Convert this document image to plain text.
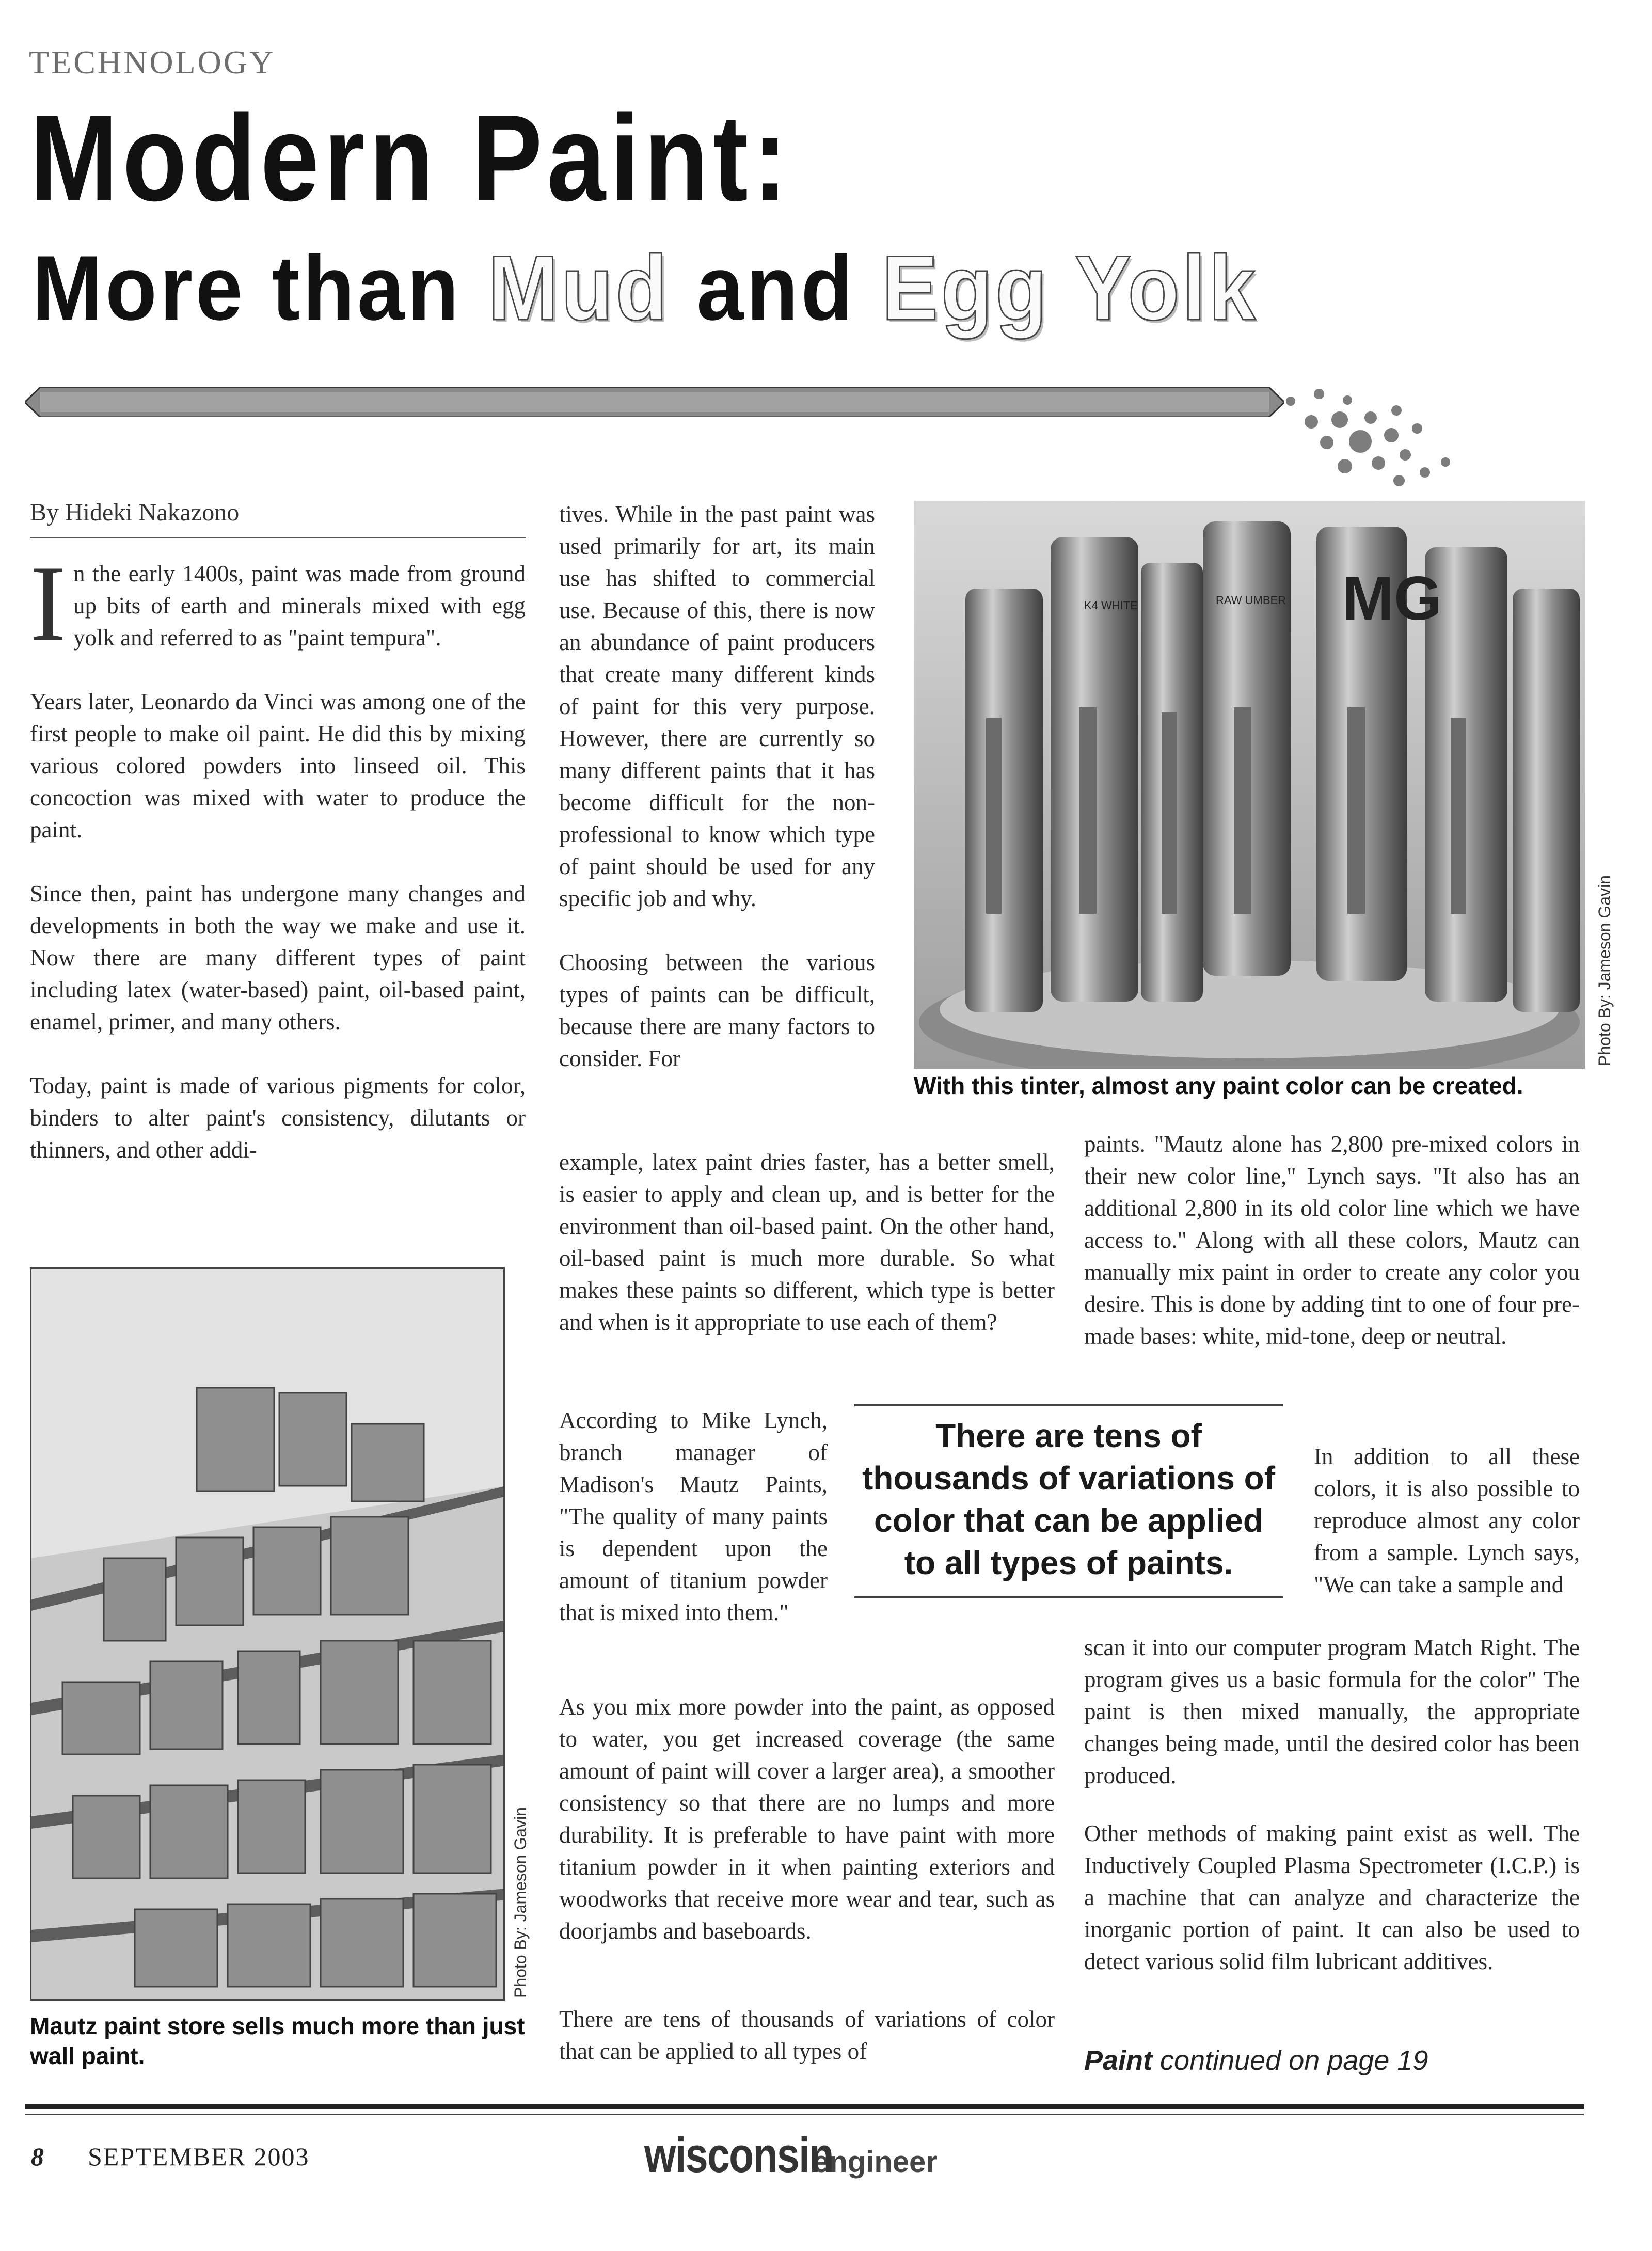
TECHNOLOGY
Modern Paint:
More than Mud and Egg Yolk
By Hideki Nakazono

In the early 1400s, paint was made from ground up bits of earth and minerals mixed with egg yolk and referred to as "paint tempura".

Years later, Leonardo da Vinci was among one of the first people to make oil paint. He did this by mixing various colored powders into linseed oil. This concoction was mixed with water to produce the paint.

Since then, paint has undergone many changes and developments in both the way we make and use it. Now there are many different types of paint including latex (water-based) paint, oil-based paint, enamel, primer, and many others.

Today, paint is made of various pigments for color, binders to alter paint's consistency, dilutants or thinners, and other addi-

tives. While in the past paint was used primarily for art, its main use has shifted to commercial use. Because of this, there is now an abundance of paint producers that create many different kinds of paint for this very purpose. However, there are currently so many different paints that it has become difficult for the non-professional to know which type of paint should be used for any specific job and why.

Choosing between the various types of paints can be difficult, because there are many factors to consider. For

example, latex paint dries faster, has a better smell, is easier to apply and clean up, and is better for the environment than oil-based paint. On the other hand, oil-based paint is much more durable. So what makes these paints so different, which type is better and when is it appropriate to use each of them?

According to Mike Lynch, branch manager of Madison's Mautz Paints, "The quality of many paints is dependent upon the amount of titanium powder that is mixed into them."

As you mix more powder into the paint, as opposed to water, you get increased coverage (the same amount of paint will cover a larger area), a smoother consistency so that there are no lumps and more durability. It is preferable to have paint with more titanium powder in it when painting exteriors and woodworks that receive more wear and tear, such as doorjambs and baseboards.

There are tens of thousands of variations of color that can be applied to all types of

paints. "Mautz alone has 2,800 pre-mixed colors in their new color line," Lynch says. "It also has an additional 2,800 in its old color line which we have access to." Along with all these colors, Mautz can manually mix paint in order to create any color you desire. This is done by adding tint to one of four pre-made bases: white, mid-tone, deep or neutral.

In addition to all these colors, it is also possible to reproduce almost any color from a sample. Lynch says, "We can take a sample and

scan it into our computer program Match Right. The program gives us a basic formula for the color" The paint is then mixed manually, the appropriate changes being made, until the desired color has been produced.

Other methods of making paint exist as well. The Inductively Coupled Plasma Spectrometer (I.C.P.) is a machine that can analyze and characterize the inorganic portion of paint. It can also be used to detect various solid film lubricant additives.

There are tens of thousands of variations of color that can be applied to all types of paints.
MG
K4 WHITE	RAW UMBER
Photo By: Jameson Gavin
With this tinter, almost any paint color can be created.
Photo By: Jameson Gavin
Mautz paint store sells much more than just wall paint.	Paint continued on page 19
8 SEPTEMBER 2003	wisconsinengineer
